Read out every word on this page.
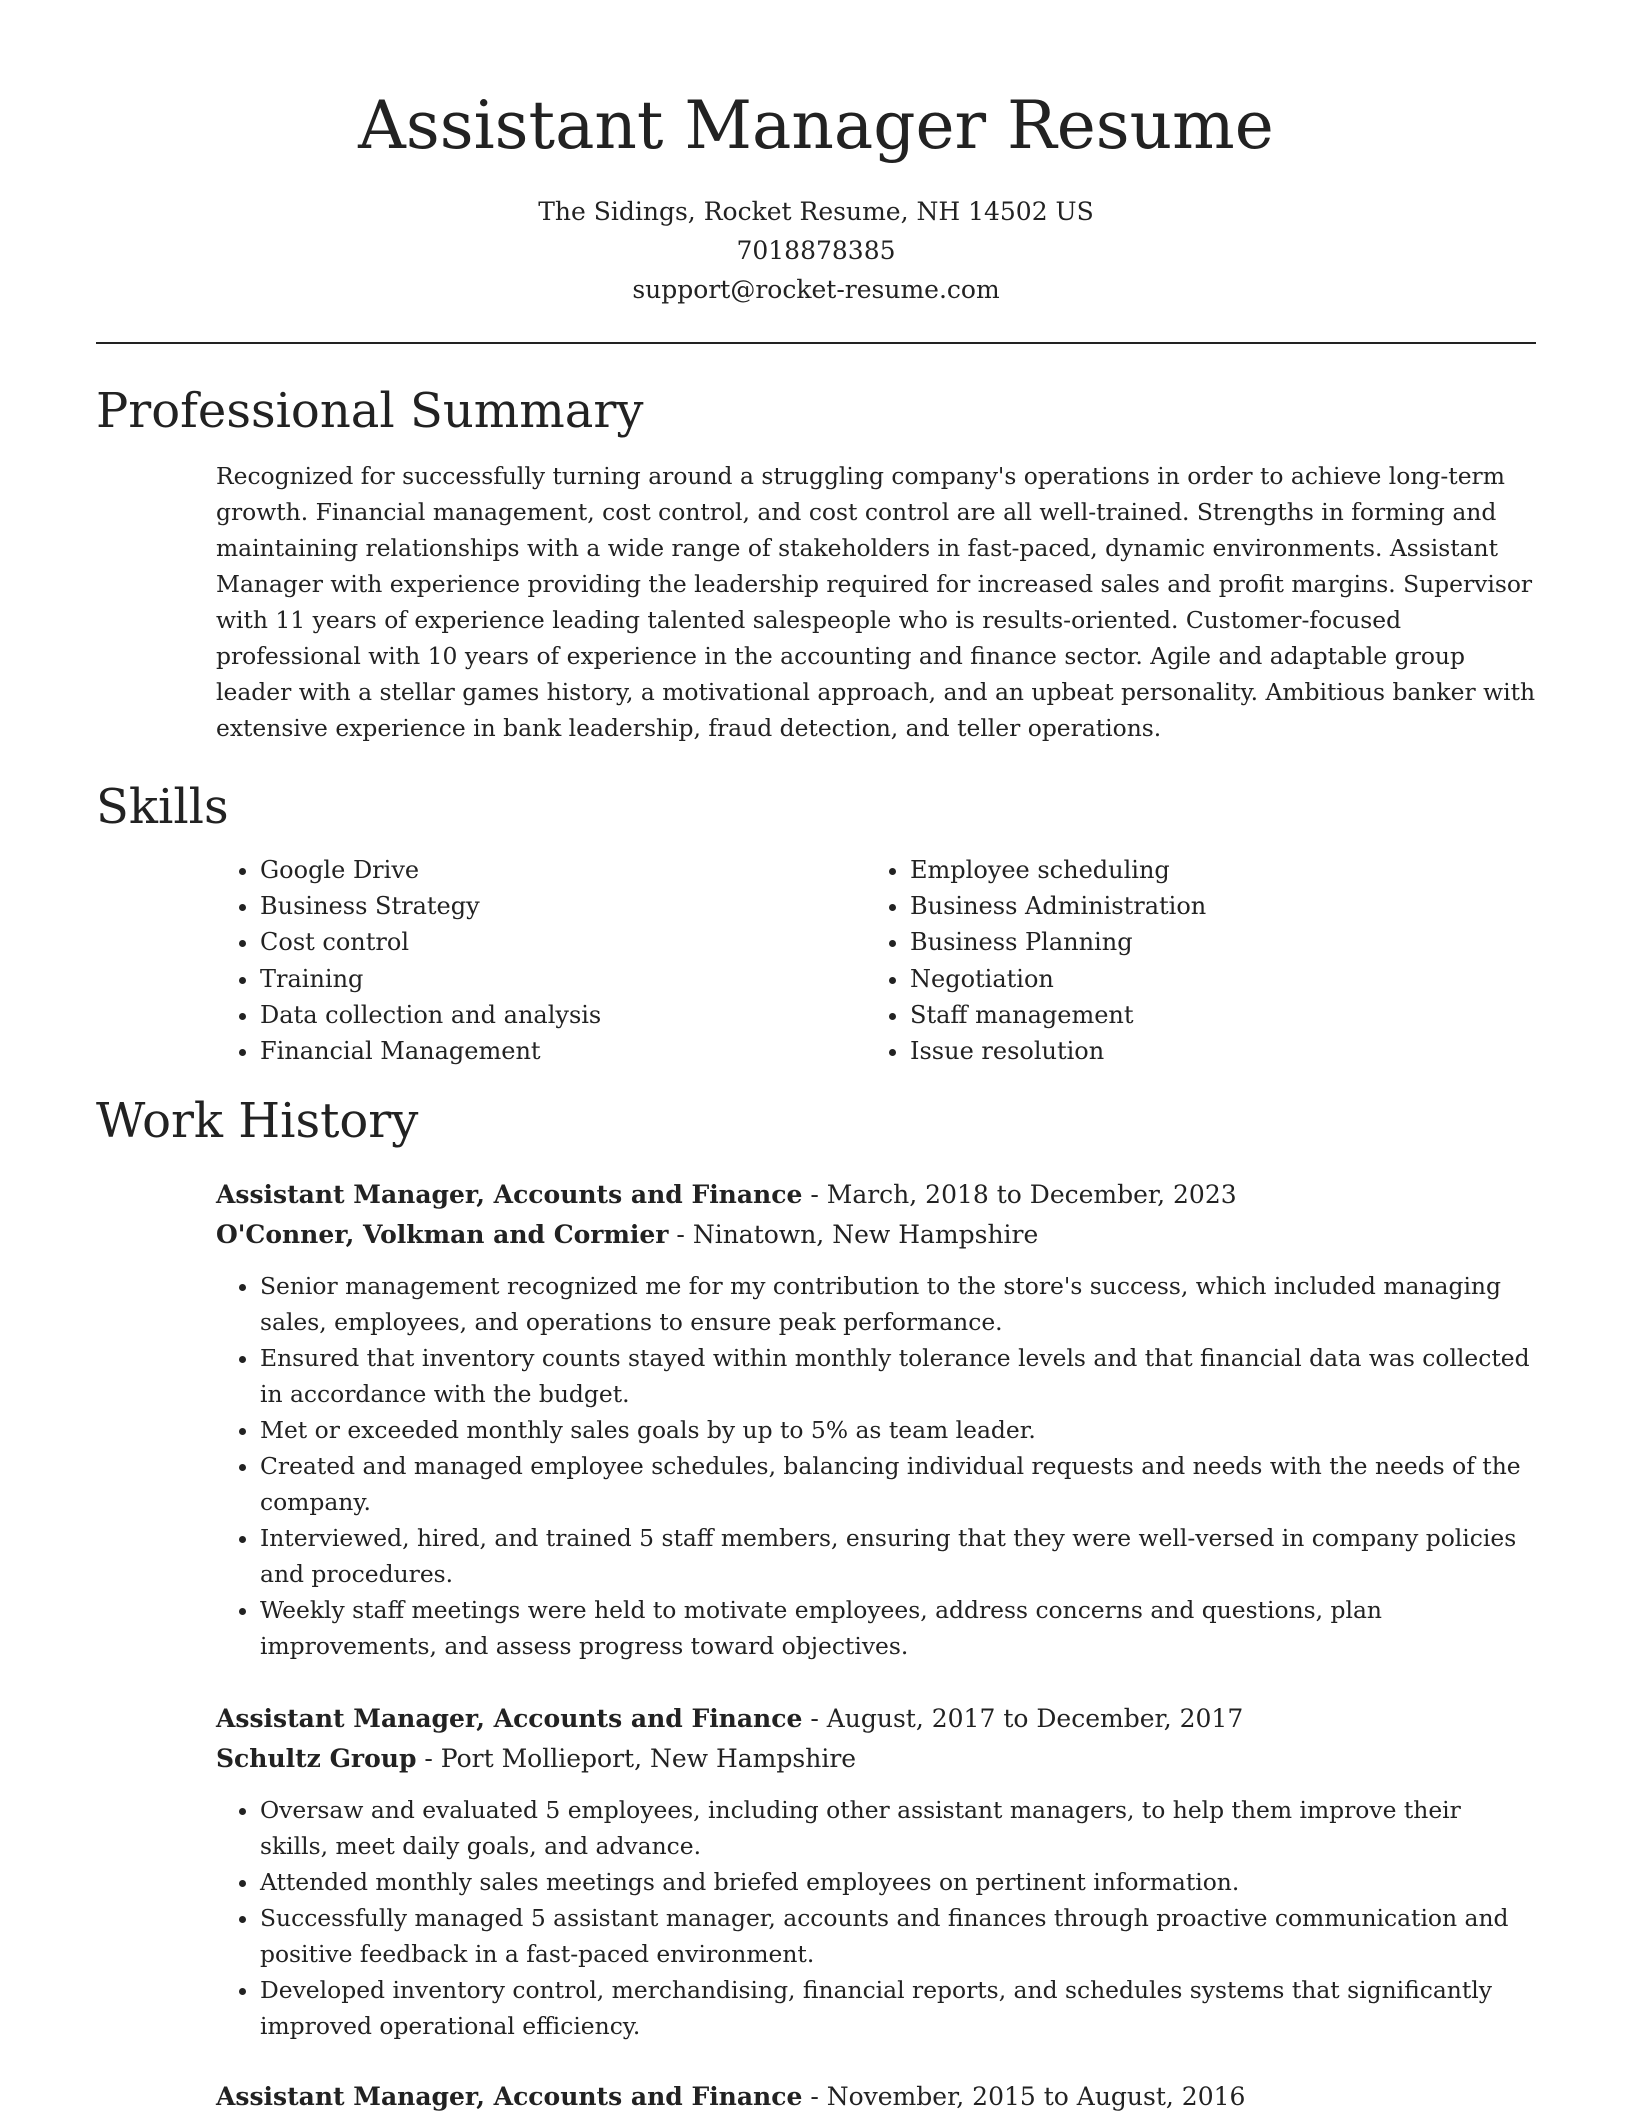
Assistant Manager Resume
The Sidings, Rocket Resume, NH 14502 US
7018878385
support@rocket-resume.com
Professional Summary

Recognized for successfully turning around a struggling company's operations in order to achieve long-term growth. Financial management, cost control, and cost control are all well-trained. Strengths in forming and maintaining relationships with a wide range of stakeholders in fast-paced, dynamic environments. Assistant Manager with experience providing the leadership required for increased sales and profit margins. Supervisor with 11 years of experience leading talented salespeople who is results-oriented. Customer-focused professional with 10 years of experience in the accounting and finance sector. Agile and adaptable group leader with a stellar games history, a motivational approach, and an upbeat personality. Ambitious banker with extensive experience in bank leadership, fraud detection, and teller operations.

Skills
• Google Drive
• Business Strategy
• Cost control
• Training
• Data collection and analysis
• Financial Management
• Employee scheduling
• Business Administration
• Business Planning
• Negotiation
• Staff management
• Issue resolution
Work History

Assistant Manager, Accounts and Finance - March, 2018 to December, 2023

O'Conner, Volkman and Cormier - Ninatown, New Hampshire

• Senior management recognized me for my contribution to the store's success, which included managing sales, employees, and operations to ensure peak performance.
• Ensured that inventory counts stayed within monthly tolerance levels and that financial data was collected in accordance with the budget.
• Met or exceeded monthly sales goals by up to 5% as team leader.
• Created and managed employee schedules, balancing individual requests and needs with the needs of the company.
• Interviewed, hired, and trained 5 staff members, ensuring that they were well-versed in company policies and procedures.
• Weekly staff meetings were held to motivate employees, address concerns and questions, plan improvements, and assess progress toward objectives.

Assistant Manager, Accounts and Finance - August, 2017 to December, 2017

Schultz Group - Port Mollieport, New Hampshire

• Oversaw and evaluated 5 employees, including other assistant managers, to help them improve their skills, meet daily goals, and advance.
• Attended monthly sales meetings and briefed employees on pertinent information.
• Successfully managed 5 assistant manager, accounts and finances through proactive communication and positive feedback in a fast-paced environment.
• Developed inventory control, merchandising, financial reports, and schedules systems that significantly improved operational efficiency.

Assistant Manager, Accounts and Finance - November, 2015 to August, 2016
